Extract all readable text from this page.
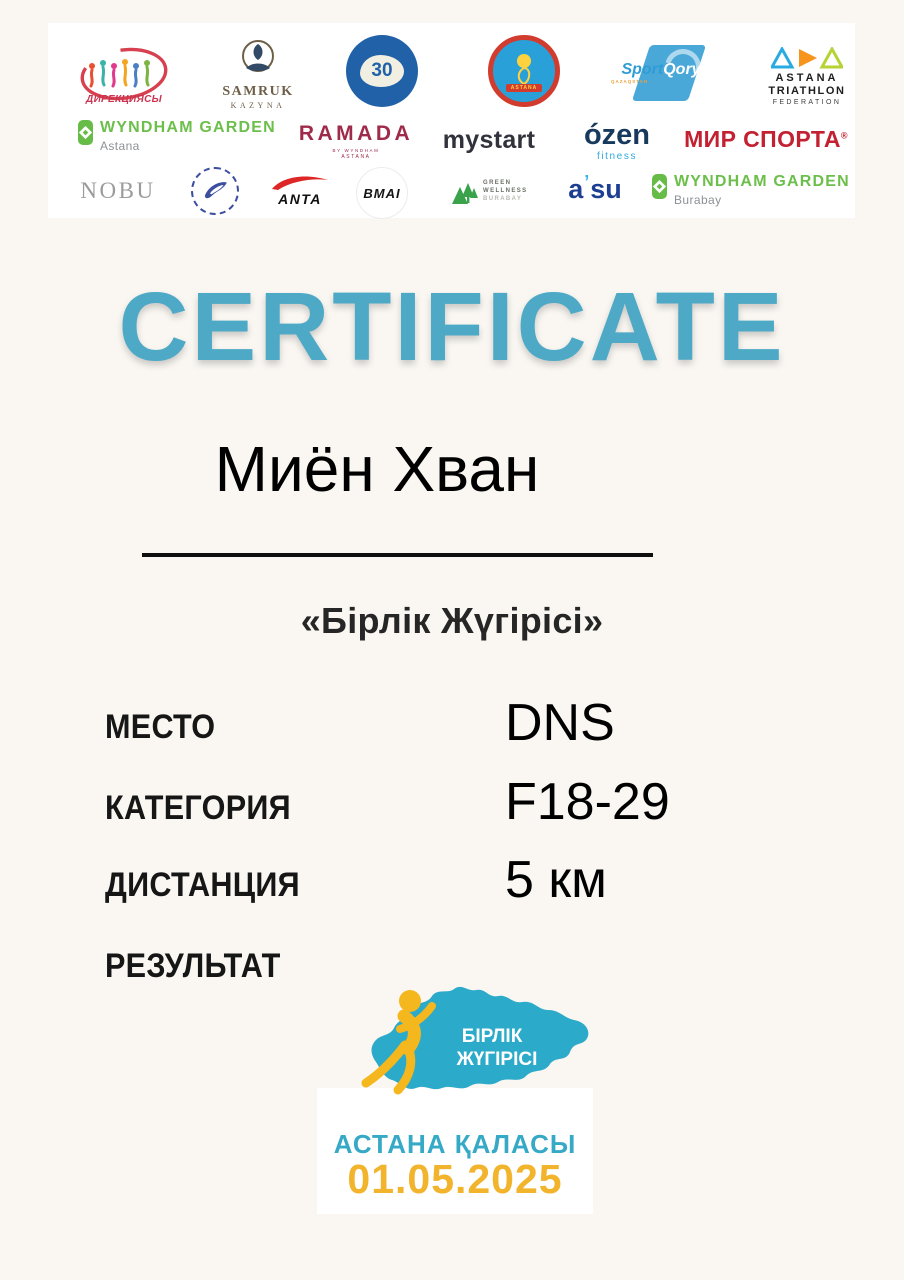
ДИРЕКЦИЯСЫ	SAMRUK
KAZYNA
30
ASTANA
SportQory
QAZAQSTAN	ASTANA
TRIATHLON
FEDERATION
WYNDHAM GARDEN
Astana
RAMADA
BY WYNDHAM
ASTANA
mystart ózen
fitness
МИР СПОРТА®
NOBU	ANTA	BMAI
GREEN
WELLNESS
BURABAY a ’ su	WYNDHAM GARDEN
Burabay
CERTIFICATE
Миён Хван
«Бірлік Жүгірісі»
МЕСТО	DNS
КАТЕГОРИЯ	F18-29
ДИСТАНЦИЯ	5 км
РЕЗУЛЬТАТ
БІРЛІК
ЖҮГІРІСІ
АСТАНА ҚАЛАСЫ
01.05.2025
